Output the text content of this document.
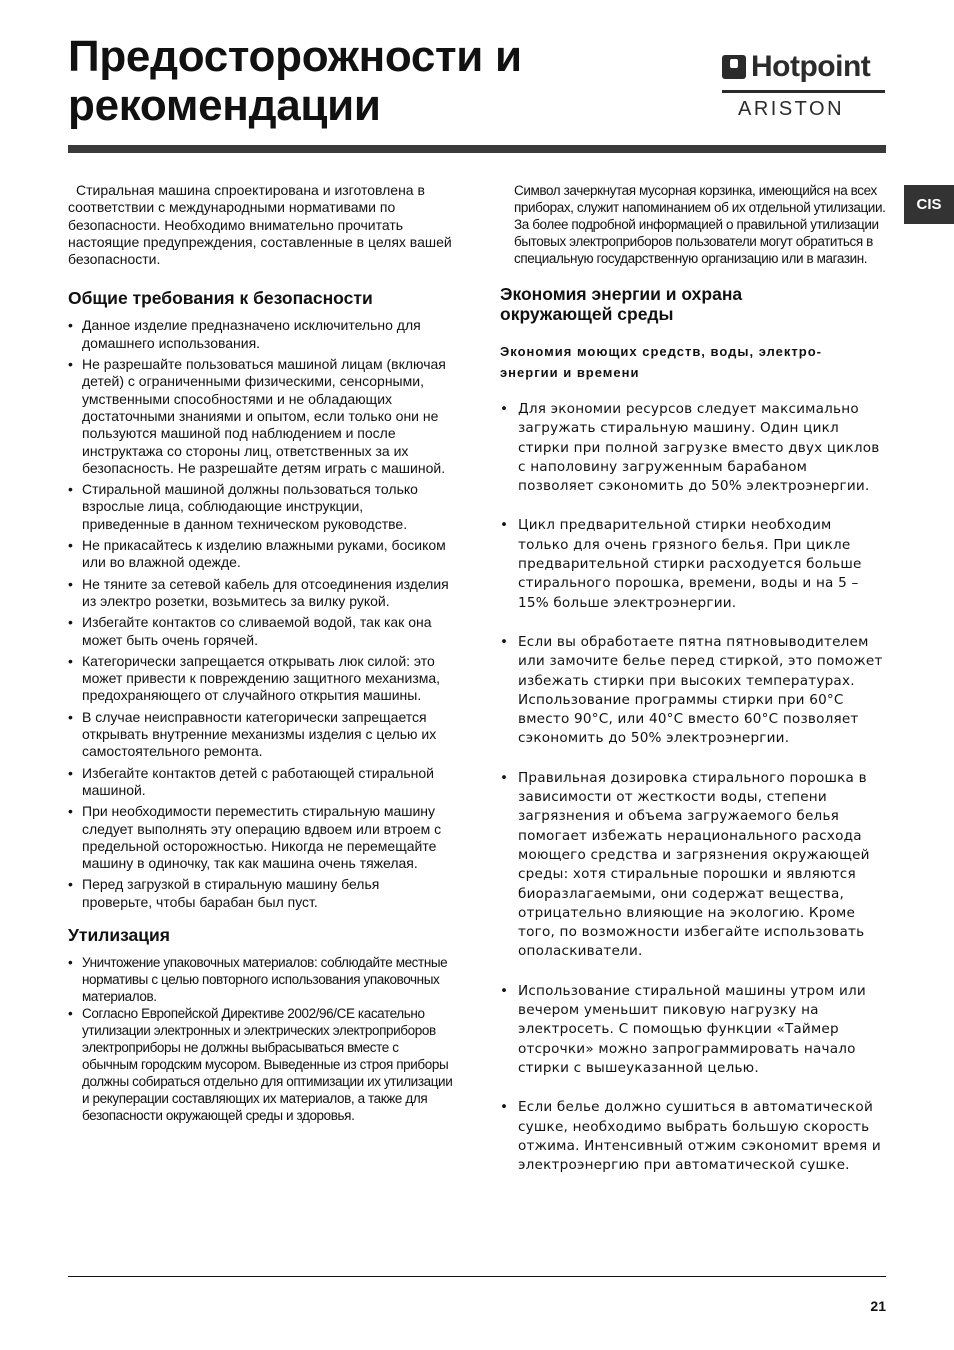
Предосторожности и рекомендации
Hotpoint
ARISTON
CIS

Стиральная машина спроектирована и изготовлена в соответствии с международными нормативами по безопасности. Необходимо внимательно прочитать настоящие предупреждения, составленные в целях вашей безопасности.

Общие требования к безопасности
• Данное изделие предназначено исключительно для домашнего использования.
• Не разрешайте пользоваться машиной лицам (включая детей) с ограниченными физическими, сенсорными, умственными способностями и не обладающих достаточными знаниями и опытом, если только они не пользуются машиной под наблюдением и после инструктажа со стороны лиц, ответственных за их безопасность. Не разрешайте детям играть с машиной.
• Стиральной машиной должны пользоваться только взрослые лица, соблюдающие инструкции, приведенные в данном техническом руководстве.
• Не прикасайтесь к изделию влажными руками, босиком или во влажной одежде.
• Не тяните за сетевой кабель для отсоединения изделия из электро розетки, возьмитесь за вилку рукой.
• Избегайте контактов со сливаемой водой, так как она может быть очень горячей.
• Категорически запрещается открывать люк силой: это может привести к повреждению защитного механизма, предохраняющего от случайного открытия машины.
• В случае неисправности категорически запрещается открывать внутренние механизмы изделия с целью их самостоятельного ремонта.
• Избегайте контактов детей с работающей стиральной машиной.
• При необходимости переместить стиральную машину следует выполнять эту операцию вдвоем или втроем с предельной осторожностью. Никогда не перемещайте машину в одиночку, так как машина очень тяжелая.
• Перед загрузкой в стиральную машину белья проверьте, чтобы барабан был пуст.
Утилизация
• Уничтожение упаковочных материалов: соблюдайте местные нормативы с целью повторного использования упаковочных материалов.
• Согласно Европейской Директиве 2002/96/CE касательно утилизации электронных и электрических электроприборов электроприборы не должны выбрасываться вместе с обычным городским мусором. Выведенные из строя приборы должны собираться отдельно для оптимизации их утилизации и рекуперации составляющих их материалов, а также для безопасности окружающей среды и здоровья.

Символ зачеркнутая мусорная корзинка, имеющийся на всех приборах, служит напоминанием об их отдельной утилизации.

За более подробной информацией о правильной утилизации бытовых электроприборов пользователи могут обратиться в специальную государственную организацию или в магазин.

Экономия энергии и охрана окружающей среды

Экономия моющих средств, воды, электро-энергии и времени

• Для экономии ресурсов следует максимально загружать стиральную машину. Один цикл стирки при полной загрузке вместо двух циклов с наполовину загруженным барабаном позволяет сэкономить до 50% электроэнергии.
• Цикл предварительной стирки необходим только для очень грязного белья. При цикле предварительной стирки расходуется больше стирального порошка, времени, воды и на 5 – 15% больше электроэнергии.
• Если вы обработаете пятна пятновыводителем или замочите белье перед стиркой, это поможет избежать стирки при высоких температурах. Использование программы стирки при 60°C вместо 90°C, или 40°C вместо 60°C позволяет сэкономить до 50% электроэнергии.
• Правильная дозировка стирального порошка в зависимости от жесткости воды, степени загрязнения и объема загружаемого белья помогает избежать нерационального расхода моющего средства и загрязнения окружающей среды: хотя стиральные порошки и являются биоразлагаемыми, они содержат вещества, отрицательно влияющие на экологию. Кроме того, по возможности избегайте использовать ополаскиватели.
• Использование стиральной машины утром или вечером уменьшит пиковую нагрузку на электросеть. С помощью функции «Таймер отсрочки» можно запрограммировать начало стирки с вышеуказанной целью.
• Если белье должно сушиться в автоматической сушке, необходимо выбрать большую скорость отжима. Интенсивный отжим сэкономит время и электроэнергию при автоматической сушке.
21
